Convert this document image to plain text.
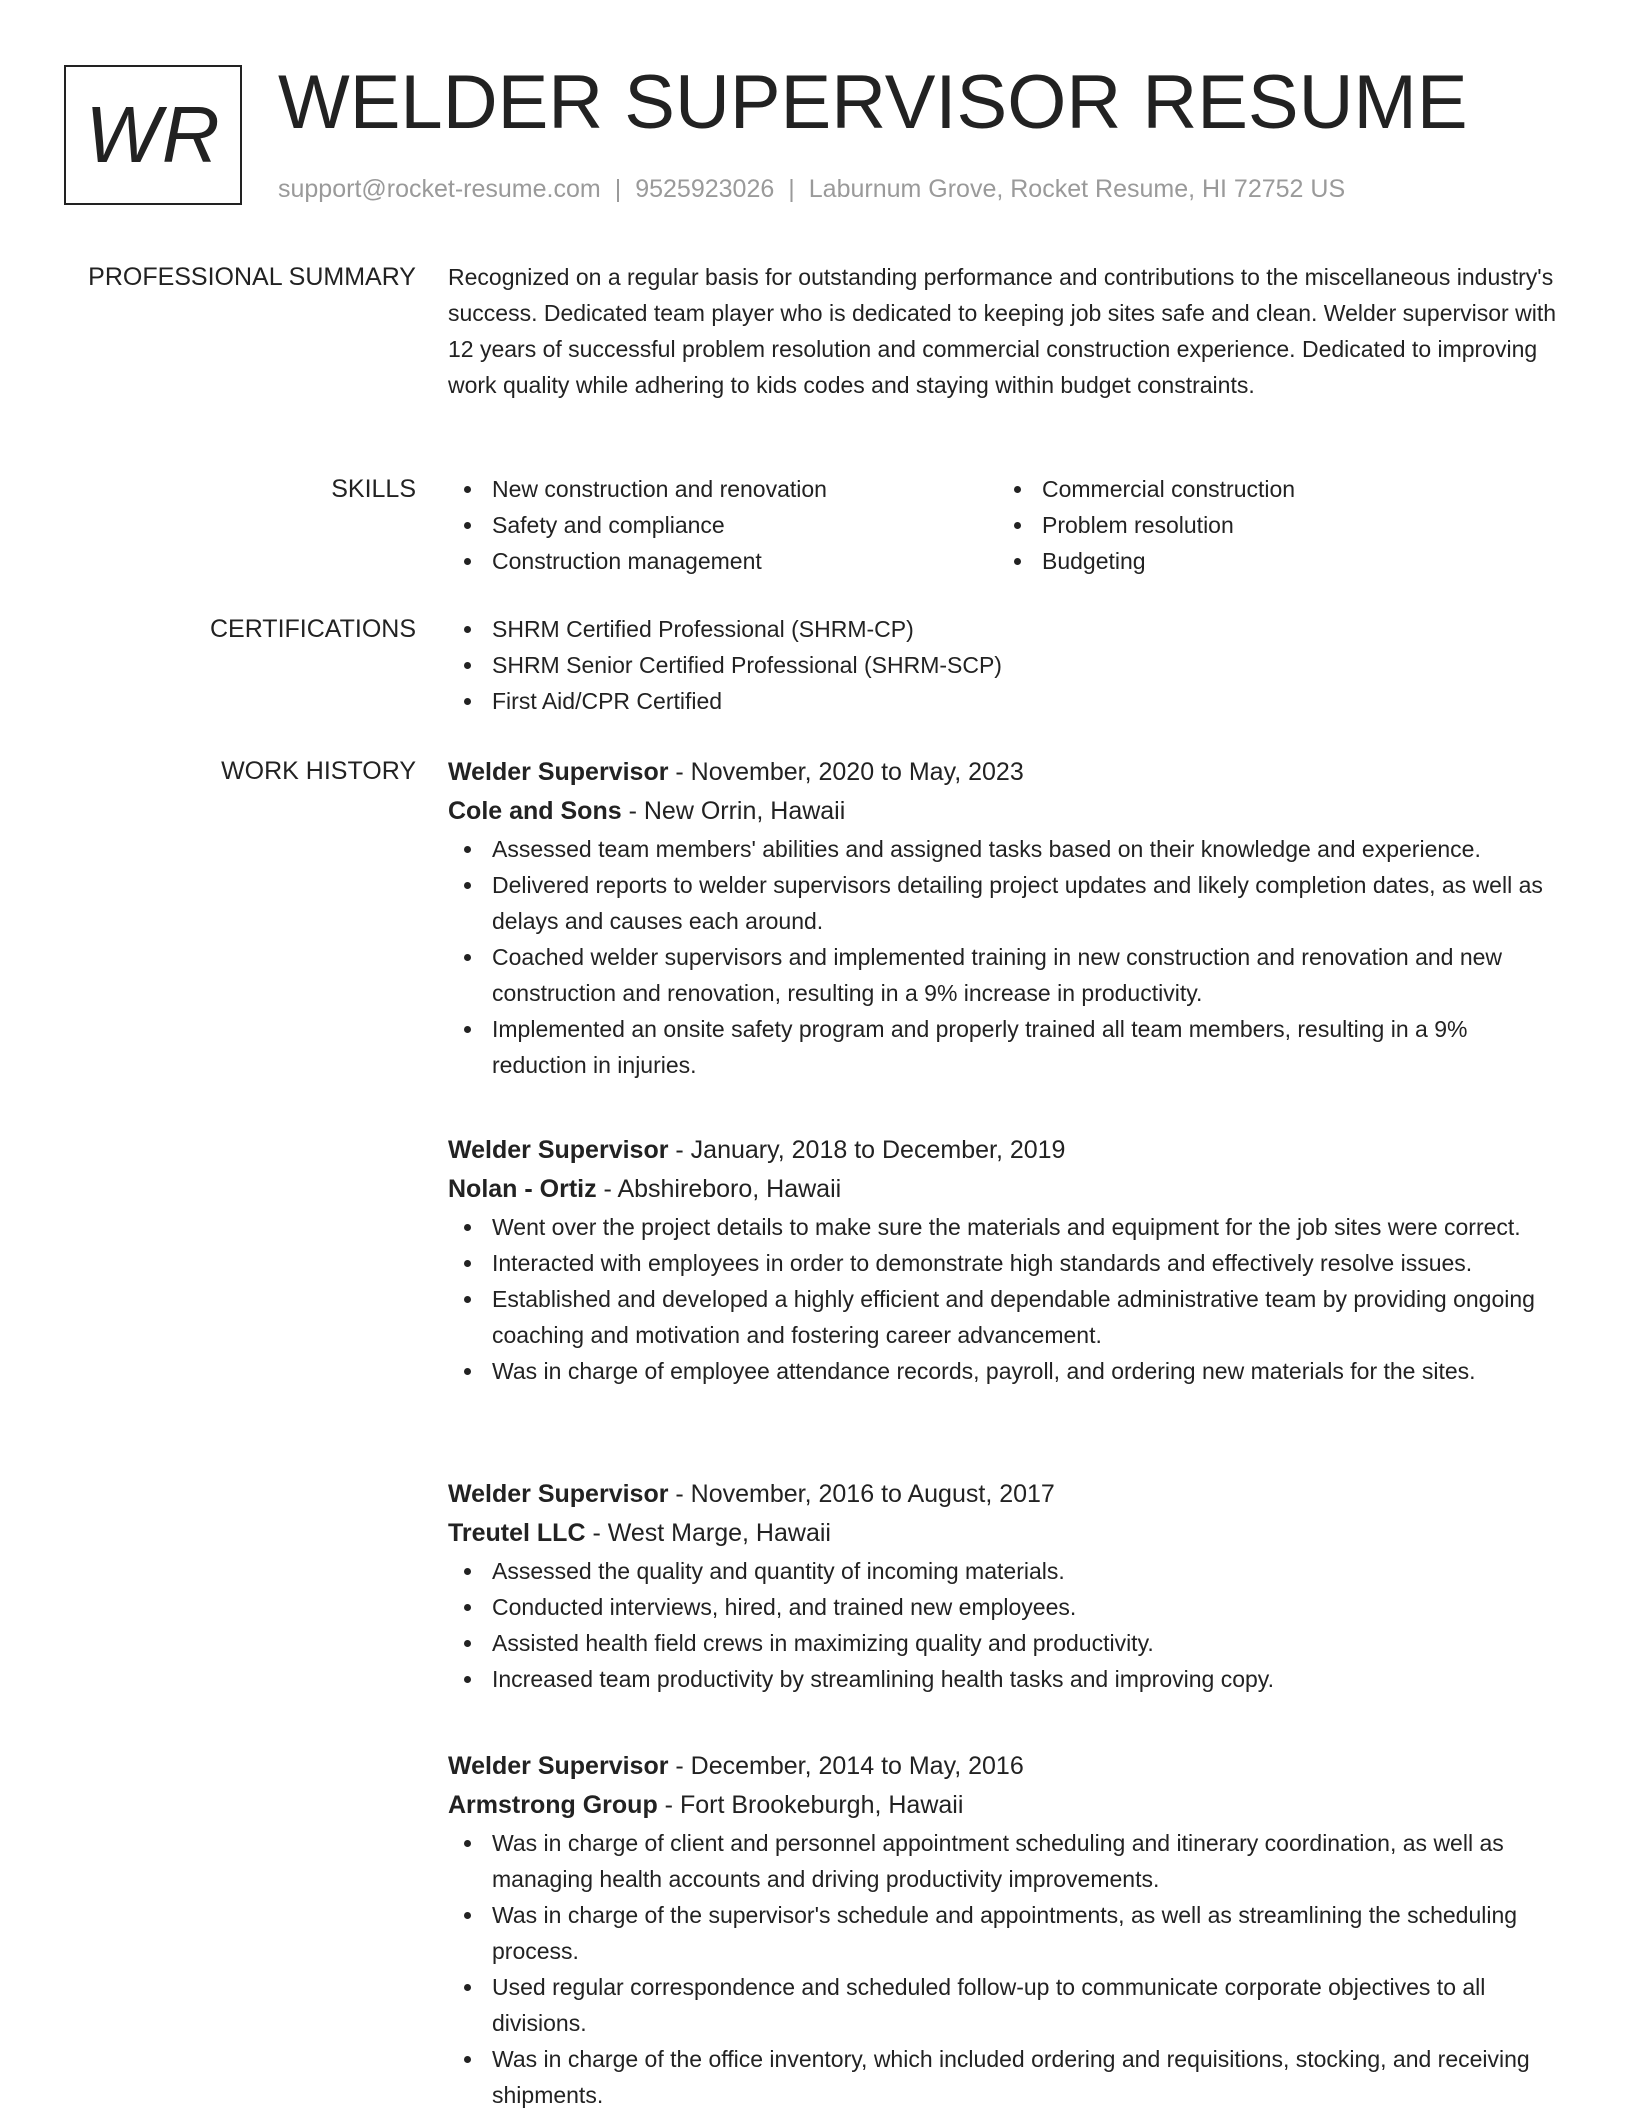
WR WELDER SUPERVISOR RESUME
support@rocket-resume.com | 9525923026 | Laburnum Grove, Rocket Resume, HI 72752 US
PROFESSIONAL SUMMARY Recognized on a regular basis for outstanding performance and contributions to the miscellaneous industry's success. Dedicated team player who is dedicated to keeping job sites safe and clean. Welder supervisor with 12 years of successful problem resolution and commercial construction experience. Dedicated to improving work quality while adhering to kids codes and staying within budget constraints.
SKILLS	New construction and renovation
Safety and compliance
Construction management
Commercial construction
Problem resolution
Budgeting
CERTIFICATIONS	SHRM Certified Professional (SHRM-CP)
SHRM Senior Certified Professional (SHRM-SCP)
First Aid/CPR Certified
WORK HISTORY Welder Supervisor - November, 2020 to May, 2023
Cole and Sons - New Orrin, Hawaii
Assessed team members' abilities and assigned tasks based on their knowledge and experience.
Delivered reports to welder supervisors detailing project updates and likely completion dates, as well as delays and causes each around.
Coached welder supervisors and implemented training in new construction and renovation and new construction and renovation, resulting in a 9% increase in productivity.
Implemented an onsite safety program and properly trained all team members, resulting in a 9% reduction in injuries.
Welder Supervisor - January, 2018 to December, 2019
Nolan - Ortiz - Abshireboro, Hawaii
Went over the project details to make sure the materials and equipment for the job sites were correct.
Interacted with employees in order to demonstrate high standards and effectively resolve issues.
Established and developed a highly efficient and dependable administrative team by providing ongoing coaching and motivation and fostering career advancement.
Was in charge of employee attendance records, payroll, and ordering new materials for the sites.
Welder Supervisor - November, 2016 to August, 2017
Treutel LLC - West Marge, Hawaii
Assessed the quality and quantity of incoming materials.
Conducted interviews, hired, and trained new employees.
Assisted health field crews in maximizing quality and productivity.
Increased team productivity by streamlining health tasks and improving copy.
Welder Supervisor - December, 2014 to May, 2016
Armstrong Group - Fort Brookeburgh, Hawaii
Was in charge of client and personnel appointment scheduling and itinerary coordination, as well as managing health accounts and driving productivity improvements.
Was in charge of the supervisor's schedule and appointments, as well as streamlining the scheduling process.
Used regular correspondence and scheduled follow-up to communicate corporate objectives to all divisions.
Was in charge of the office inventory, which included ordering and requisitions, stocking, and receiving shipments.
